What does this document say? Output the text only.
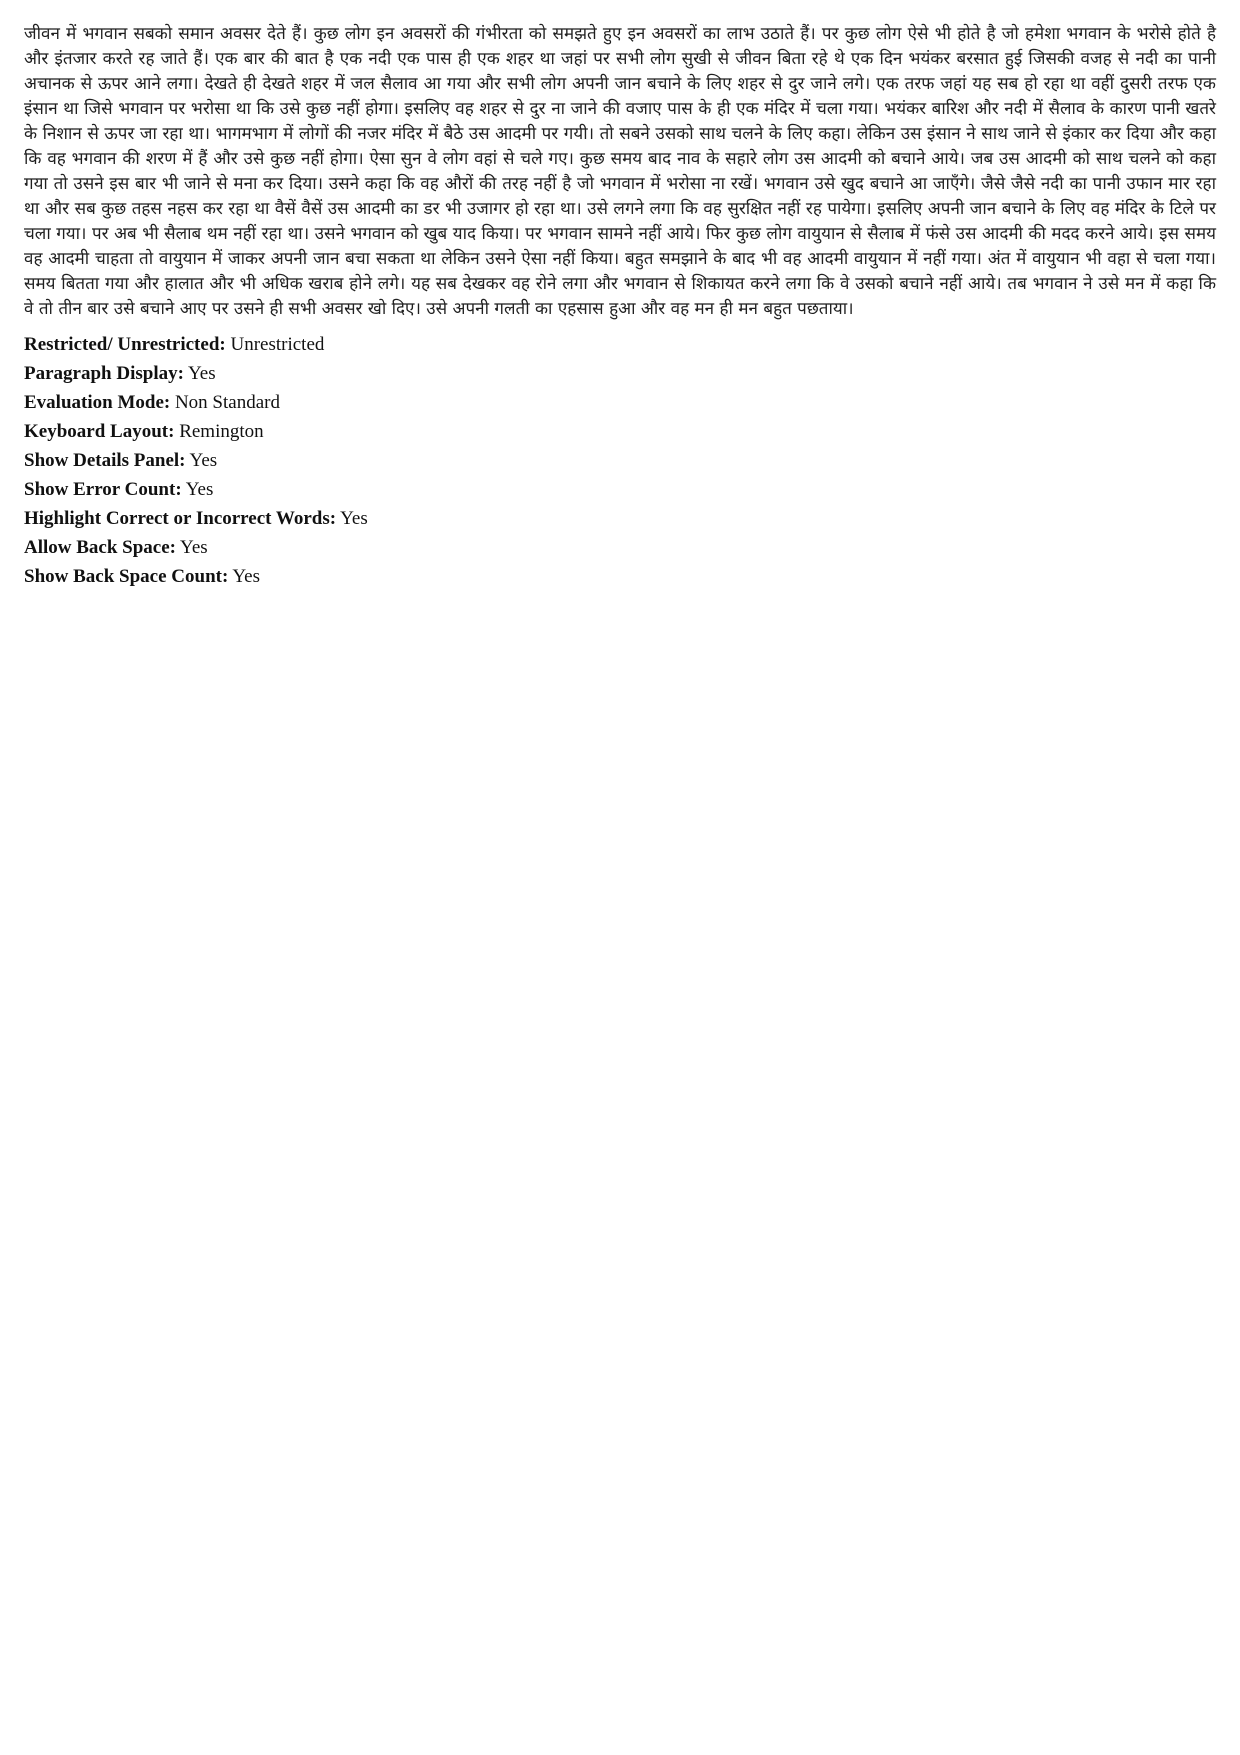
जीवन में भगवान सबको समान अवसर देते हैं। कुछ लोग इन अवसरों की गंभीरता को समझते हुए इन अवसरों का लाभ उठाते हैं। पर कुछ लोग ऐसे भी होते है जो हमेशा भगवान के भरोसे होते है और इंतजार करते रह जाते हैं। एक बार की बात है एक नदी एक पास ही एक शहर था जहां पर सभी लोग सुखी से जीवन बिता रहे थे एक दिन भयंकर बरसात हुई जिसकी वजह से नदी का पानी अचानक से ऊपर आने लगा। देखते ही देखते शहर में जल सैलाव आ गया और सभी लोग अपनी जान बचाने के लिए शहर से दुर जाने लगे। एक तरफ जहां यह सब हो रहा था वहीं दुसरी तरफ एक इंसान था जिसे भगवान पर भरोसा था कि उसे कुछ नहीं होगा। इसलिए वह शहर से दुर ना जाने की वजाए पास के ही एक मंदिर में चला गया। भयंकर बारिश और नदी में सैलाव के कारण पानी खतरे के निशान से ऊपर जा रहा था। भागमभाग में लोगों की नजर मंदिर में बैठे उस आदमी पर गयी। तो सबने उसको साथ चलने के लिए कहा। लेकिन उस इंसान ने साथ जाने से इंकार कर दिया और कहा कि वह भगवान की शरण में हैं और उसे कुछ नहीं होगा। ऐसा सुन वे लोग वहां से चले गए। कुछ समय बाद नाव के सहारे लोग उस आदमी को बचाने आये। जब उस आदमी को साथ चलने को कहा गया तो उसने इस बार भी जाने से मना कर दिया। उसने कहा कि वह औरों की तरह नहीं है जो भगवान में भरोसा ना रखें। भगवान उसे खुद बचाने आ जाएँगे। जैसे जैसे नदी का पानी उफान मार रहा था और सब कुछ तहस नहस कर रहा था वैसें वैसें उस आदमी का डर भी उजागर हो रहा था। उसे लगने लगा कि वह सुरक्षित नहीं रह पायेगा। इसलिए अपनी जान बचाने के लिए वह मंदिर के टिले पर चला गया। पर अब भी सैलाब थम नहीं रहा था। उसने भगवान को खुब याद किया। पर भगवान सामने नहीं आये। फिर कुछ लोग वायुयान से सैलाब में फंसे उस आदमी की मदद करने आये। इस समय वह आदमी चाहता तो वायुयान में जाकर अपनी जान बचा सकता था लेकिन उसने ऐसा नहीं किया। बहुत समझाने के बाद भी वह आदमी वायुयान में नहीं गया। अंत में वायुयान भी वहा से चला गया। समय बितता गया और हालात और भी अधिक खराब होने लगे। यह सब देखकर वह रोने लगा और भगवान से शिकायत करने लगा कि वे उसको बचाने नहीं आये। तब भगवान ने उसे मन में कहा कि वे तो तीन बार उसे बचाने आए पर उसने ही सभी अवसर खो दिए। उसे अपनी गलती का एहसास हुआ और वह मन ही मन बहुत पछताया।

Restricted/ Unrestricted: Unrestricted
Paragraph Display: Yes
Evaluation Mode: Non Standard
Keyboard Layout: Remington
Show Details Panel: Yes
Show Error Count: Yes
Highlight Correct or Incorrect Words: Yes
Allow Back Space: Yes
Show Back Space Count: Yes
